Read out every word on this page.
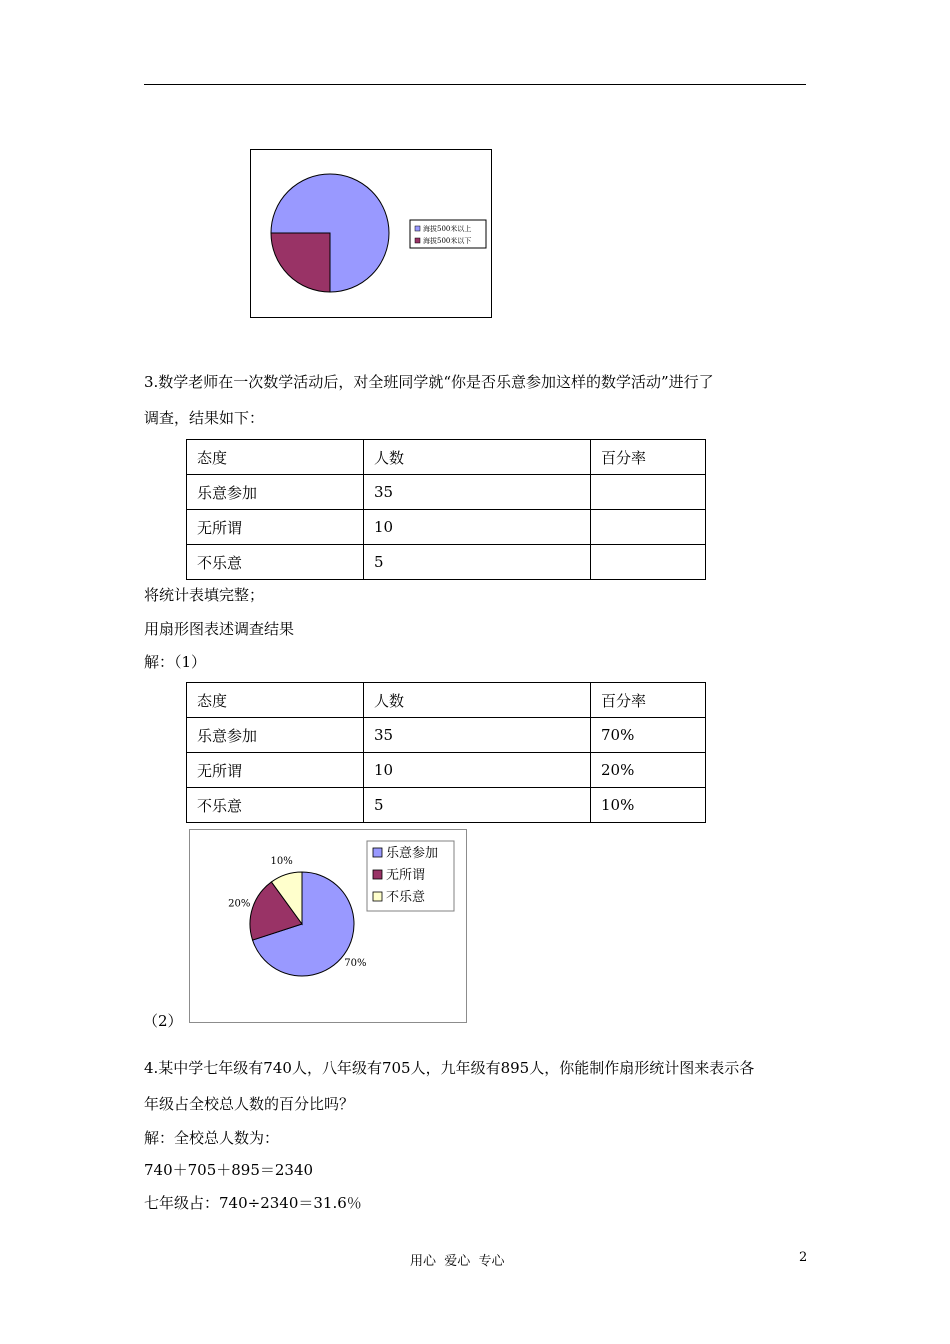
海拔500米以上
海拔500米以下
3.数学老师在一次数学活动后，对全班同学就“你是否乐意参加这样的数学活动”进行了
调查，结果如下：
态度	人数	百分率
乐意参加	35	
无所谓	10	
不乐意	5	
将统计表填完整；
用扇形图表述调查结果
解：（1）
态度	人数	百分率
乐意参加	35	70%
无所谓	10	20%
不乐意	5	10%
70%
20%
10%
乐意参加
无所谓
不乐意
（2）
4.某中学七年级有740人，八年级有705人，九年级有895人，你能制作扇形统计图来表示各
年级占全校总人数的百分比吗？
解：全校总人数为：
740＋705＋895＝2340
七年级占：740÷2340＝31.6％
用心  爱心  专心	2
